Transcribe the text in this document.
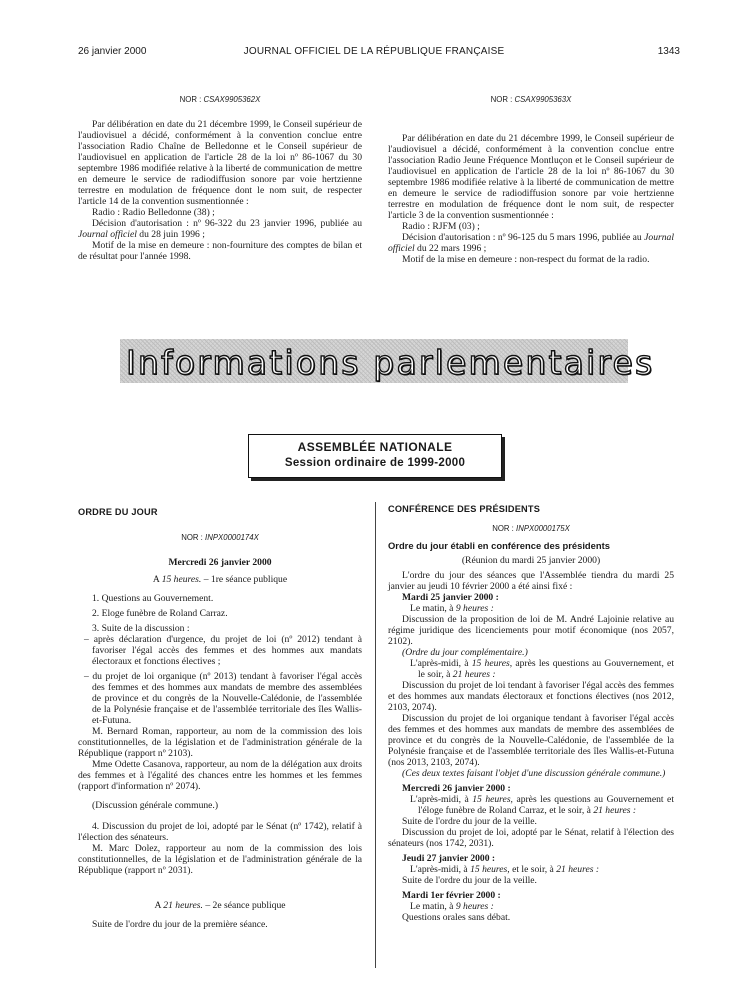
26 janvier 2000	JOURNAL OFFICIEL DE LA RÉPUBLIQUE FRANÇAISE	1343

NOR : CSAX9905362X

Par délibération en date du 21 décembre 1999, le Conseil supérieur de l'audiovisuel a décidé, conformément à la convention conclue entre l'association Radio Chaîne de Belledonne et le Conseil supérieur de l'audiovisuel en application de l'article 28 de la loi nº 86-1067 du 30 septembre 1986 modifiée relative à la liberté de communication de mettre en demeure le service de radiodiffusion sonore par voie hertzienne terrestre en modulation de fréquence dont le nom suit, de respecter l'article 14 de la convention susmentionnée :

Radio : Radio Belledonne (38) ;

Décision d'autorisation : nº 96-322 du 23 janvier 1996, publiée au Journal officiel du 28 juin 1996 ;

Motif de la mise en demeure : non-fourniture des comptes de bilan et de résultat pour l'année 1998.

NOR : CSAX9905363X

Par délibération en date du 21 décembre 1999, le Conseil supérieur de l'audiovisuel a décidé, conformément à la convention conclue entre l'association Radio Jeune Fréquence Montluçon et le Conseil supérieur de l'audiovisuel en application de l'article 28 de la loi nº 86-1067 du 30 septembre 1986 modifiée relative à la liberté de communication de mettre en demeure le service de radiodiffusion sonore par voie hertzienne terrestre en modulation de fréquence dont le nom suit, de respecter l'article 3 de la convention susmentionnée :

Radio : RJFM (03) ;

Décision d'autorisation : nº 96-125 du 5 mars 1996, publiée au Journal officiel du 22 mars 1996 ;

Motif de la mise en demeure : non-respect du format de la radio.

Informations parlementaires
ASSEMBLÉE NATIONALE
Session ordinaire de 1999-2000

ORDRE DU JOUR

NOR : INPX0000174X

Mercredi 26 janvier 2000

A 15 heures. – 1re séance publique

1. Questions au Gouvernement.

2. Eloge funèbre de Roland Carraz.

3. Suite de la discussion :

– après déclaration d'urgence, du projet de loi (nº 2012) tendant à favoriser l'égal accès des femmes et des hommes aux mandats électoraux et fonctions électives ;

– du projet de loi organique (nº 2013) tendant à favoriser l'égal accès des femmes et des hommes aux mandats de membre des assemblées de province et du congrès de la Nouvelle-Calédonie, de l'assemblée de la Polynésie française et de l'assemblée territoriale des îles Wallis-et-Futuna.

M. Bernard Roman, rapporteur, au nom de la commission des lois constitutionnelles, de la législation et de l'administration générale de la République (rapport nº 2103).

Mme Odette Casanova, rapporteur, au nom de la délégation aux droits des femmes et à l'égalité des chances entre les hommes et les femmes (rapport d'information nº 2074).

(Discussion générale commune.)

4. Discussion du projet de loi, adopté par le Sénat (nº 1742), relatif à l'élection des sénateurs.

M. Marc Dolez, rapporteur au nom de la commission des lois constitutionnelles, de la législation et de l'administration générale de la République (rapport nº 2031).

A 21 heures. – 2e séance publique

Suite de l'ordre du jour de la première séance.

CONFÉRENCE DES PRÉSIDENTS

NOR : INPX0000175X

Ordre du jour établi en conférence des présidents

(Réunion du mardi 25 janvier 2000)

L'ordre du jour des séances que l'Assemblée tiendra du mardi 25 janvier au jeudi 10 février 2000 a été ainsi fixé :

Mardi 25 janvier 2000 :

Le matin, à 9 heures :

Discussion de la proposition de loi de M. André Lajoinie relative au régime juridique des licenciements pour motif économique (nos 2057, 2102).

(Ordre du jour complémentaire.)

L'après-midi, à 15 heures, après les questions au Gouvernement, et le soir, à 21 heures :

Discussion du projet de loi tendant à favoriser l'égal accès des femmes et des hommes aux mandats électoraux et fonctions électives (nos 2012, 2103, 2074).

Discussion du projet de loi organique tendant à favoriser l'égal accès des femmes et des hommes aux mandats de membre des assemblées de province et du congrès de la Nouvelle-Calédonie, de l'assemblée de la Polynésie française et de l'assemblée territoriale des îles Wallis-et-Futuna (nos 2013, 2103, 2074).

(Ces deux textes faisant l'objet d'une discussion générale commune.)

Mercredi 26 janvier 2000 :

L'après-midi, à 15 heures, après les questions au Gouvernement et l'éloge funèbre de Roland Carraz, et le soir, à 21 heures :

Suite de l'ordre du jour de la veille.

Discussion du projet de loi, adopté par le Sénat, relatif à l'élection des sénateurs (nos 1742, 2031).

Jeudi 27 janvier 2000 :

L'après-midi, à 15 heures, et le soir, à 21 heures :

Suite de l'ordre du jour de la veille.

Mardi 1er février 2000 :

Le matin, à 9 heures :

Questions orales sans débat.
